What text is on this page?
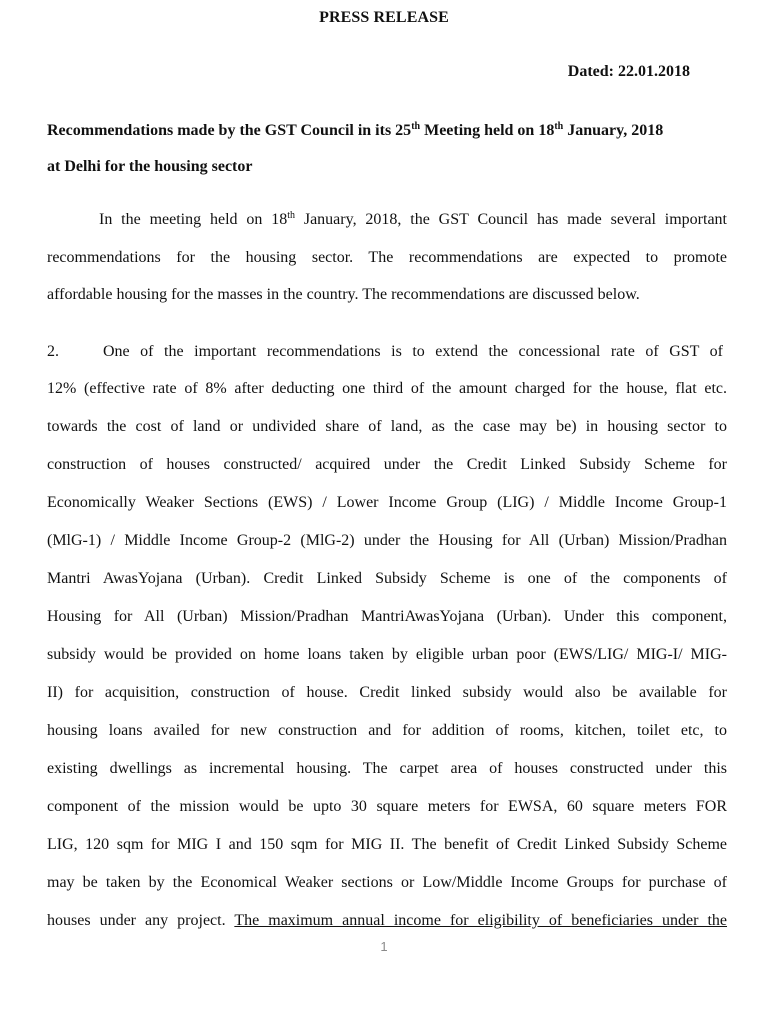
PRESS RELEASE
Dated: 22.01.2018
Recommendations made by the GST Council in its 25th Meeting held on 18th January, 2018
at Delhi for the housing sector
In the meeting held on 18th January, 2018, the GST Council has made several important
recommendations for the housing sector. The recommendations are expected to promote
affordable housing for the masses in the country. The recommendations are discussed below.
2.	One of the important recommendations is to extend the concessional rate of GST of
12% (effective rate of 8% after deducting one third of the amount charged for the house, flat etc.
towards the cost of land or undivided share of land, as the case may be) in housing sector to
construction of houses constructed/ acquired under the Credit Linked Subsidy Scheme for
Economically Weaker Sections (EWS) / Lower Income Group (LIG) / Middle Income Group-1
(MlG-1) / Middle Income Group-2 (MlG-2) under the Housing for All (Urban) Mission/Pradhan
Mantri AwasYojana (Urban). Credit Linked Subsidy Scheme is one of the components of
Housing for All (Urban) Mission/Pradhan MantriAwasYojana (Urban). Under this component,
subsidy would be provided on home loans taken by eligible urban poor (EWS/LIG/ MIG-I/ MIG-
II) for acquisition, construction of house. Credit linked subsidy would also be available for
housing loans availed for new construction and for addition of rooms, kitchen, toilet etc, to
existing dwellings as incremental housing. The carpet area of houses constructed under this
component of the mission would be upto 30 square meters for EWSA, 60 square meters FOR
LIG, 120 sqm for MIG I and 150 sqm for MIG II. The benefit of Credit Linked Subsidy Scheme
may be taken by the Economical Weaker sections or Low/Middle Income Groups for purchase of
houses under any project. The maximum annual income for eligibility of beneficiaries under the
1
